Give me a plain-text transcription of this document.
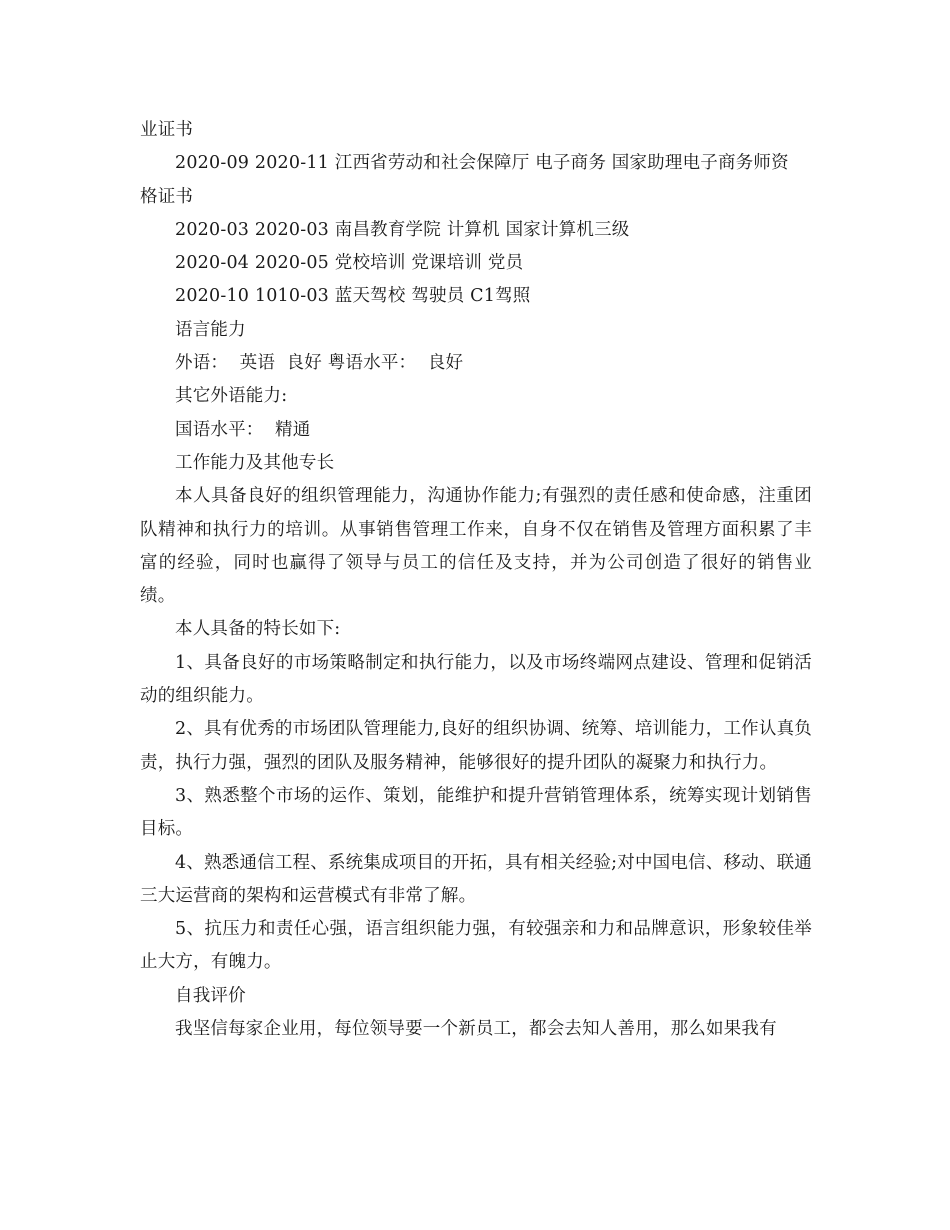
业证书

2020-09 2020-11 江西省劳动和社会保障厅 电子商务 国家助理电子商务师资

格证书

2020-03 2020-03 南昌教育学院 计算机 国家计算机三级

2020-04 2020-05 党校培训 党课培训 党员

2020-10 1010-03 蓝天驾校 驾驶员 C1驾照

语言能力

外语：  英语  良好 粤语水平：  良好

其它外语能力:

国语水平：  精通

工作能力及其他专长

本人具备良好的组织管理能力，沟通协作能力;有强烈的责任感和使命感，注重团队精神和执行力的培训。从事销售管理工作来，自身不仅在销售及管理方面积累了丰富的经验，同时也赢得了领导与员工的信任及支持，并为公司创造了很好的销售业绩。

本人具备的特长如下:

1、具备良好的市场策略制定和执行能力，以及市场终端网点建设、管理和促销活动的组织能力。

2、具有优秀的市场团队管理能力,良好的组织协调、统筹、培训能力，工作认真负责，执行力强，强烈的团队及服务精神，能够很好的提升团队的凝聚力和执行力。

3、熟悉整个市场的运作、策划，能维护和提升营销管理体系，统筹实现计划销售目标。

4、熟悉通信工程、系统集成项目的开拓，具有相关经验;对中国电信、移动、联通三大运营商的架构和运营模式有非常了解。

5、抗压力和责任心强，语言组织能力强，有较强亲和力和品牌意识，形象较佳举止大方，有魄力。

自我评价

我坚信每家企业用，每位领导要一个新员工，都会去知人善用，那么如果我有
